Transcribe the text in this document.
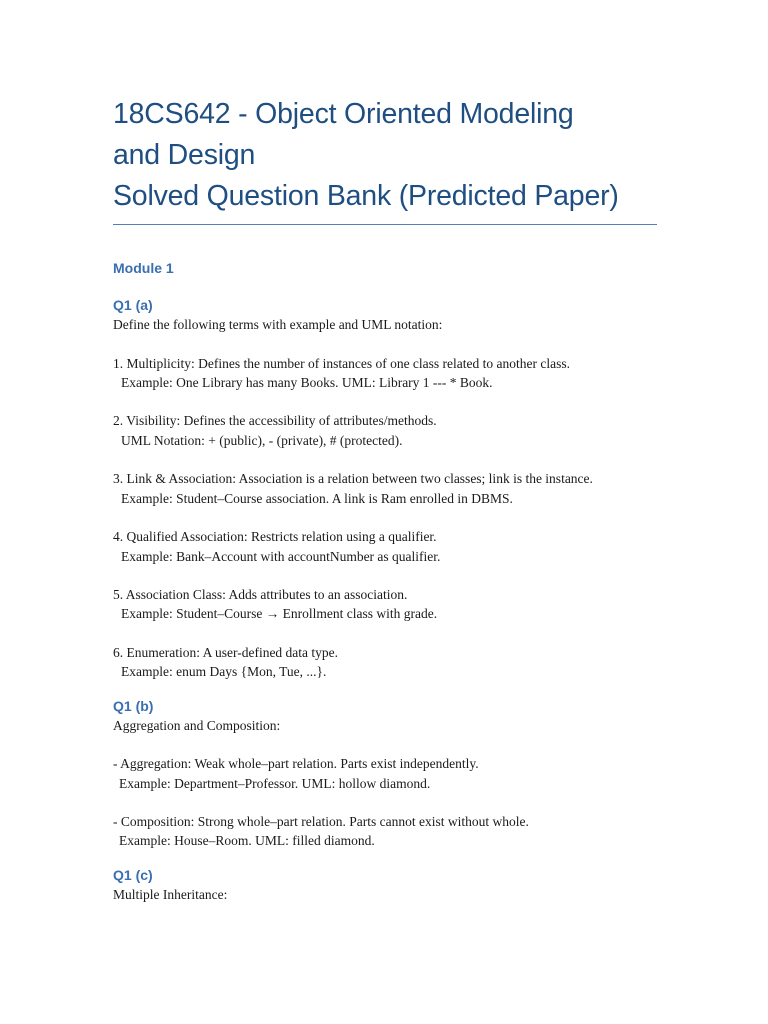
18CS642 - Object Oriented Modeling
and Design
Solved Question Bank (Predicted Paper)

Module 1

Q1 (a)

Define the following terms with example and UML notation:

1. Multiplicity: Defines the number of instances of one class related to another class.

Example: One Library has many Books. UML: Library 1 --- * Book.

2. Visibility: Defines the accessibility of attributes/methods.

UML Notation: + (public), - (private), # (protected).

3. Link & Association: Association is a relation between two classes; link is the instance.

Example: Student–Course association. A link is Ram enrolled in DBMS.

4. Qualified Association: Restricts relation using a qualifier.

Example: Bank–Account with accountNumber as qualifier.

5. Association Class: Adds attributes to an association.

Example: Student–Course → Enrollment class with grade.

6. Enumeration: A user-defined data type.

Example: enum Days {Mon, Tue, ...}.

Q1 (b)

Aggregation and Composition:

- Aggregation: Weak whole–part relation. Parts exist independently.

Example: Department–Professor. UML: hollow diamond.

- Composition: Strong whole–part relation. Parts cannot exist without whole.

Example: House–Room. UML: filled diamond.

Q1 (c)

Multiple Inheritance:
